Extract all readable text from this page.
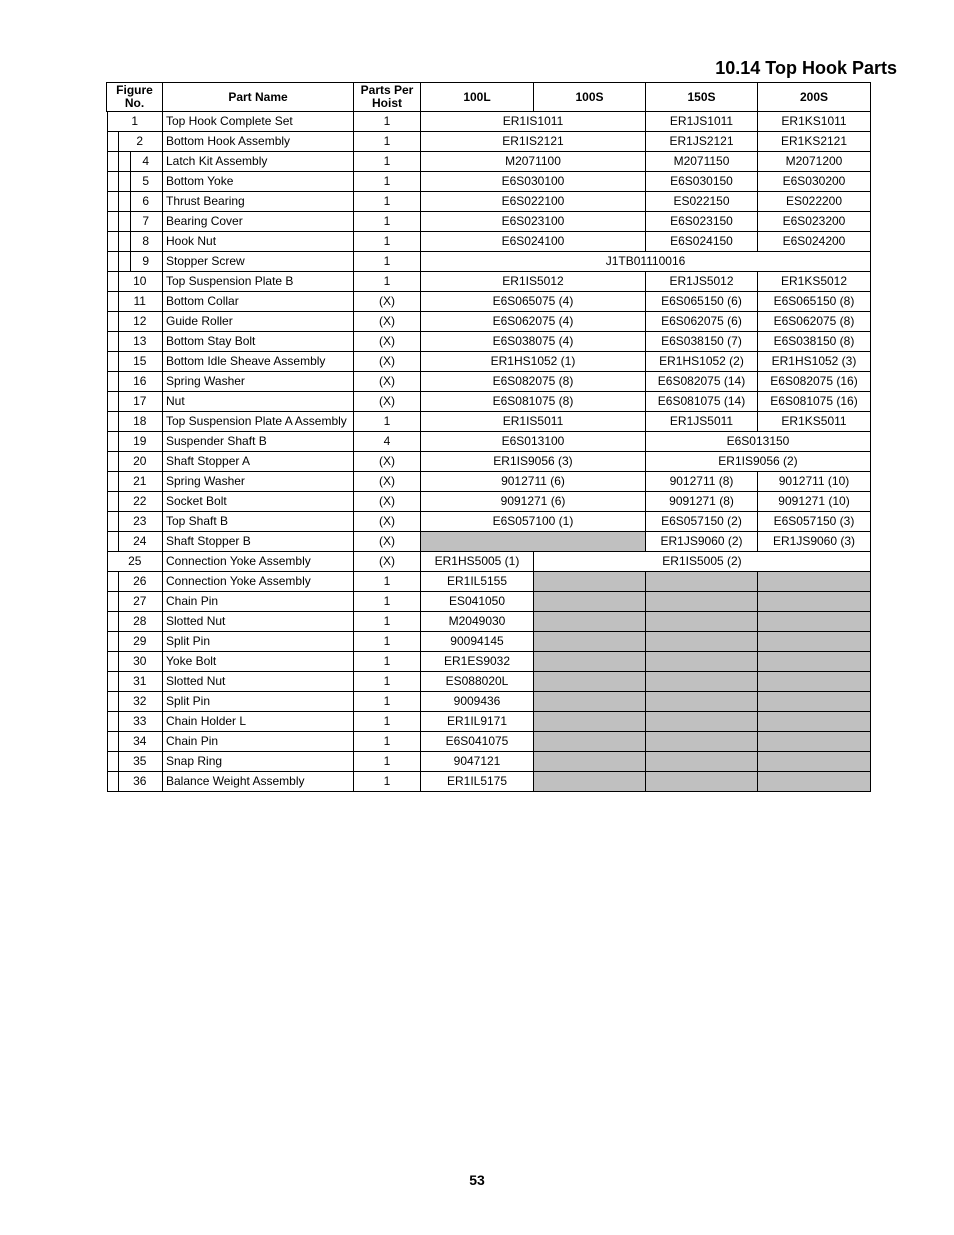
10.14 Top Hook Parts
Figure No.	Part Name	Parts Per Hoist	100L	100S	150S	200S

1	Top Hook Complete Set	1	ER1IS1011		ER1JS1011	ER1KS1011

2	Bottom Hook Assembly	1	ER1IS2121		ER1JS2121	ER1KS2121

4	Latch Kit Assembly	1	M2071100		M2071150	M2071200

5	Bottom Yoke	1	E6S030100		E6S030150	E6S030200

6	Thrust Bearing	1	E6S022100		ES022150	ES022200

7	Bearing Cover	1	E6S023100		E6S023150	E6S023200

8	Hook Nut	1	E6S024100		E6S024150	E6S024200

9	Stopper Screw	1	J1TB01110016			

10	Top Suspension Plate B	1	ER1IS5012		ER1JS5012	ER1KS5012

11	Bottom Collar	(X)	E6S065075 (4)		E6S065150 (6)	E6S065150 (8)

12	Guide Roller	(X)	E6S062075 (4)		E6S062075 (6)	E6S062075 (8)

13	Bottom Stay Bolt	(X)	E6S038075 (4)		E6S038150 (7)	E6S038150 (8)

15	Bottom Idle Sheave Assembly	(X)	ER1HS1052 (1)		ER1HS1052 (2)	ER1HS1052 (3)

16	Spring Washer	(X)	E6S082075 (8)		E6S082075 (14)	E6S082075 (16)

17	Nut	(X)	E6S081075 (8)		E6S081075 (14)	E6S081075 (16)

18	Top Suspension Plate A Assembly	1	ER1IS5011		ER1JS5011	ER1KS5011

19	Suspender Shaft B	4	E6S013100		E6S013150	

20	Shaft Stopper A	(X)	ER1IS9056 (3)		ER1IS9056 (2)	

21	Spring Washer	(X)	9012711 (6)		9012711 (8)	9012711 (10)

22	Socket Bolt	(X)	9091271 (6)		9091271 (8)	9091271 (10)

23	Top Shaft B	(X)	E6S057100 (1)		E6S057150 (2)	E6S057150 (3)

24	Shaft Stopper B	(X)			ER1JS9060 (2)	ER1JS9060 (3)

25	Connection Yoke Assembly	(X)	ER1HS5005 (1)	ER1IS5005 (2)		

26	Connection Yoke Assembly	1	ER1IL5155			

27	Chain Pin	1	ES041050			

28	Slotted Nut	1	M2049030			

29	Split Pin	1	90094145			

30	Yoke Bolt	1	ER1ES9032			

31	Slotted Nut	1	ES088020L			

32	Split Pin	1	9009436			

33	Chain Holder L	1	ER1IL9171			

34	Chain Pin	1	E6S041075			

35	Snap Ring	1	9047121			

36	Balance Weight Assembly	1	ER1IL5175			
53
